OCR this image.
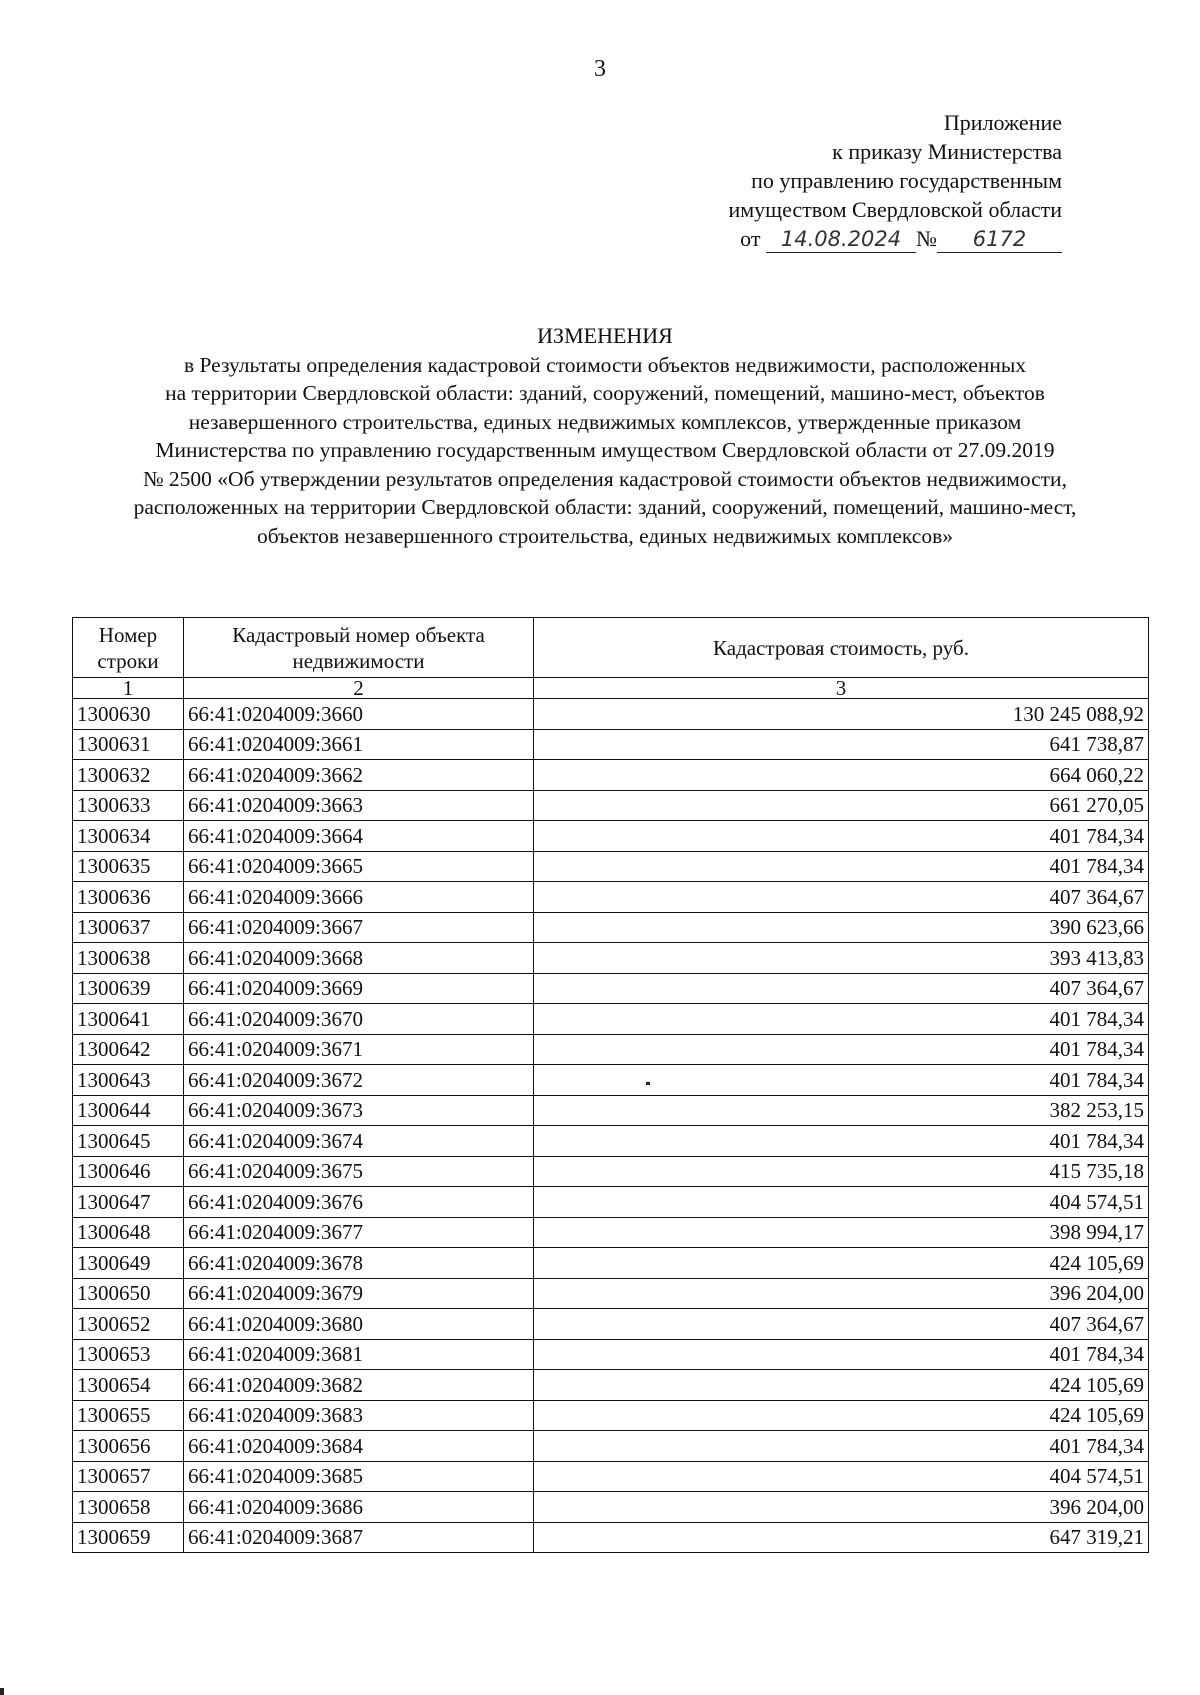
3
Приложение
к приказу Министерства
по управлению государственным
имуществом Свердловской области
от 14.08.2024 № 6172
ИЗМЕНЕНИЯ
в Результаты определения кадастровой стоимости объектов недвижимости, расположенных
на территории Свердловской области: зданий, сооружений, помещений, машино-мест, объектов
незавершенного строительства, единых недвижимых комплексов, утвержденные приказом
Министерства по управлению государственным имуществом Свердловской области от 27.09.2019
№ 2500 «Об утверждении результатов определения кадастровой стоимости объектов недвижимости,
расположенных на территории Свердловской области: зданий, сооружений, помещений, машино-мест,
объектов незавершенного строительства, единых недвижимых комплексов»
Номер строки	Кадастровый номер объекта недвижимости	Кадастровая стоимость, руб.
1	2	3
1300630	66:41:0204009:3660	130 245 088,92
1300631	66:41:0204009:3661	641 738,87
1300632	66:41:0204009:3662	664 060,22
1300633	66:41:0204009:3663	661 270,05
1300634	66:41:0204009:3664	401 784,34
1300635	66:41:0204009:3665	401 784,34
1300636	66:41:0204009:3666	407 364,67
1300637	66:41:0204009:3667	390 623,66
1300638	66:41:0204009:3668	393 413,83
1300639	66:41:0204009:3669	407 364,67
1300641	66:41:0204009:3670	401 784,34
1300642	66:41:0204009:3671	401 784,34
1300643	66:41:0204009:3672	401 784,34
1300644	66:41:0204009:3673	382 253,15
1300645	66:41:0204009:3674	401 784,34
1300646	66:41:0204009:3675	415 735,18
1300647	66:41:0204009:3676	404 574,51
1300648	66:41:0204009:3677	398 994,17
1300649	66:41:0204009:3678	424 105,69
1300650	66:41:0204009:3679	396 204,00
1300652	66:41:0204009:3680	407 364,67
1300653	66:41:0204009:3681	401 784,34
1300654	66:41:0204009:3682	424 105,69
1300655	66:41:0204009:3683	424 105,69
1300656	66:41:0204009:3684	401 784,34
1300657	66:41:0204009:3685	404 574,51
1300658	66:41:0204009:3686	396 204,00
1300659	66:41:0204009:3687	647 319,21
